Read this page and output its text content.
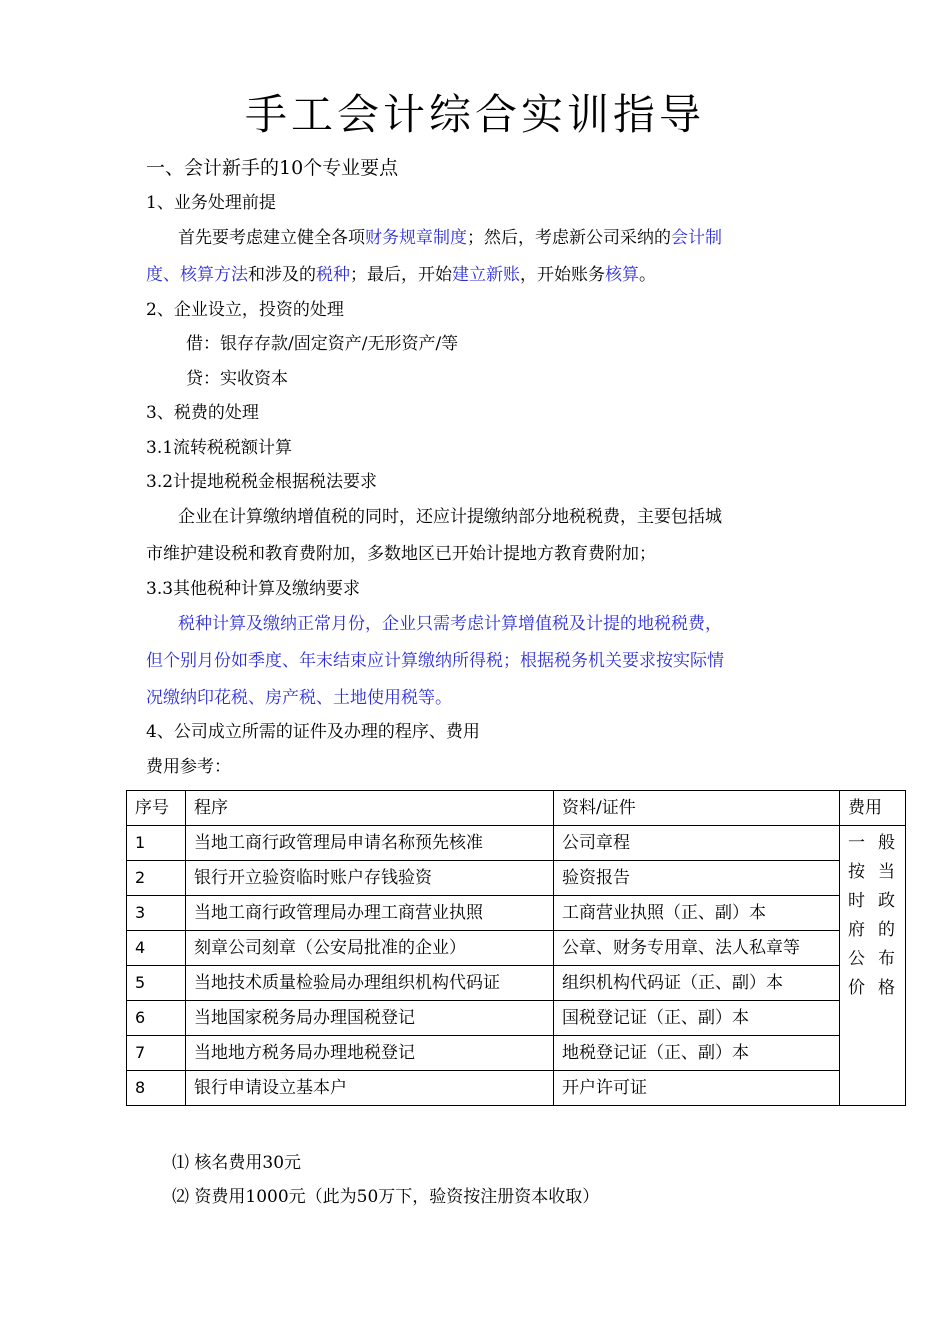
手工会计综合实训指导
一、会计新手的10个专业要点
1、业务处理前提
首先要考虑建立健全各项财务规章制度；然后，考虑新公司采纳的会计制
度、核算方法和涉及的税种；最后，开始建立新账，开始账务核算。
2、企业设立，投资的处理
借：银存存款/固定资产/无形资产/等
贷：实收资本
3、税费的处理
3.1流转税税额计算
3.2计提地税税金根据税法要求
企业在计算缴纳增值税的同时，还应计提缴纳部分地税税费，主要包括城
市维护建设税和教育费附加，多数地区已开始计提地方教育费附加；
3.3其他税种计算及缴纳要求
税种计算及缴纳正常月份，企业只需考虑计算增值税及计提的地税税费，
但个别月份如季度、年末结束应计算缴纳所得税；根据税务机关要求按实际情
况缴纳印花税、房产税、土地使用税等。
4、公司成立所需的证件及办理的程序、费用
费用参考：
序号	程序	资料/证件	费用
1	当地工商行政管理局申请名称预先核准	公司章程	一般按当时政府的公布价格

2	银行开立验资临时账户存钱验资	验资报告	
3	当地工商行政管理局办理工商营业执照	工商营业执照（正、副）本	
4	刻章公司刻章（公安局批准的企业）	公章、财务专用章、法人私章等	
5	当地技术质量检验局办理组织机构代码证	组织机构代码证（正、副）本	
6	当地国家税务局办理国税登记	国税登记证（正、副）本	
7	当地地方税务局办理地税登记	地税登记证（正、副）本	
8	银行申请设立基本户	开户许可证	
⑴ 核名费用30元
⑵ 资费用1000元（此为50万下，验资按注册资本收取）
